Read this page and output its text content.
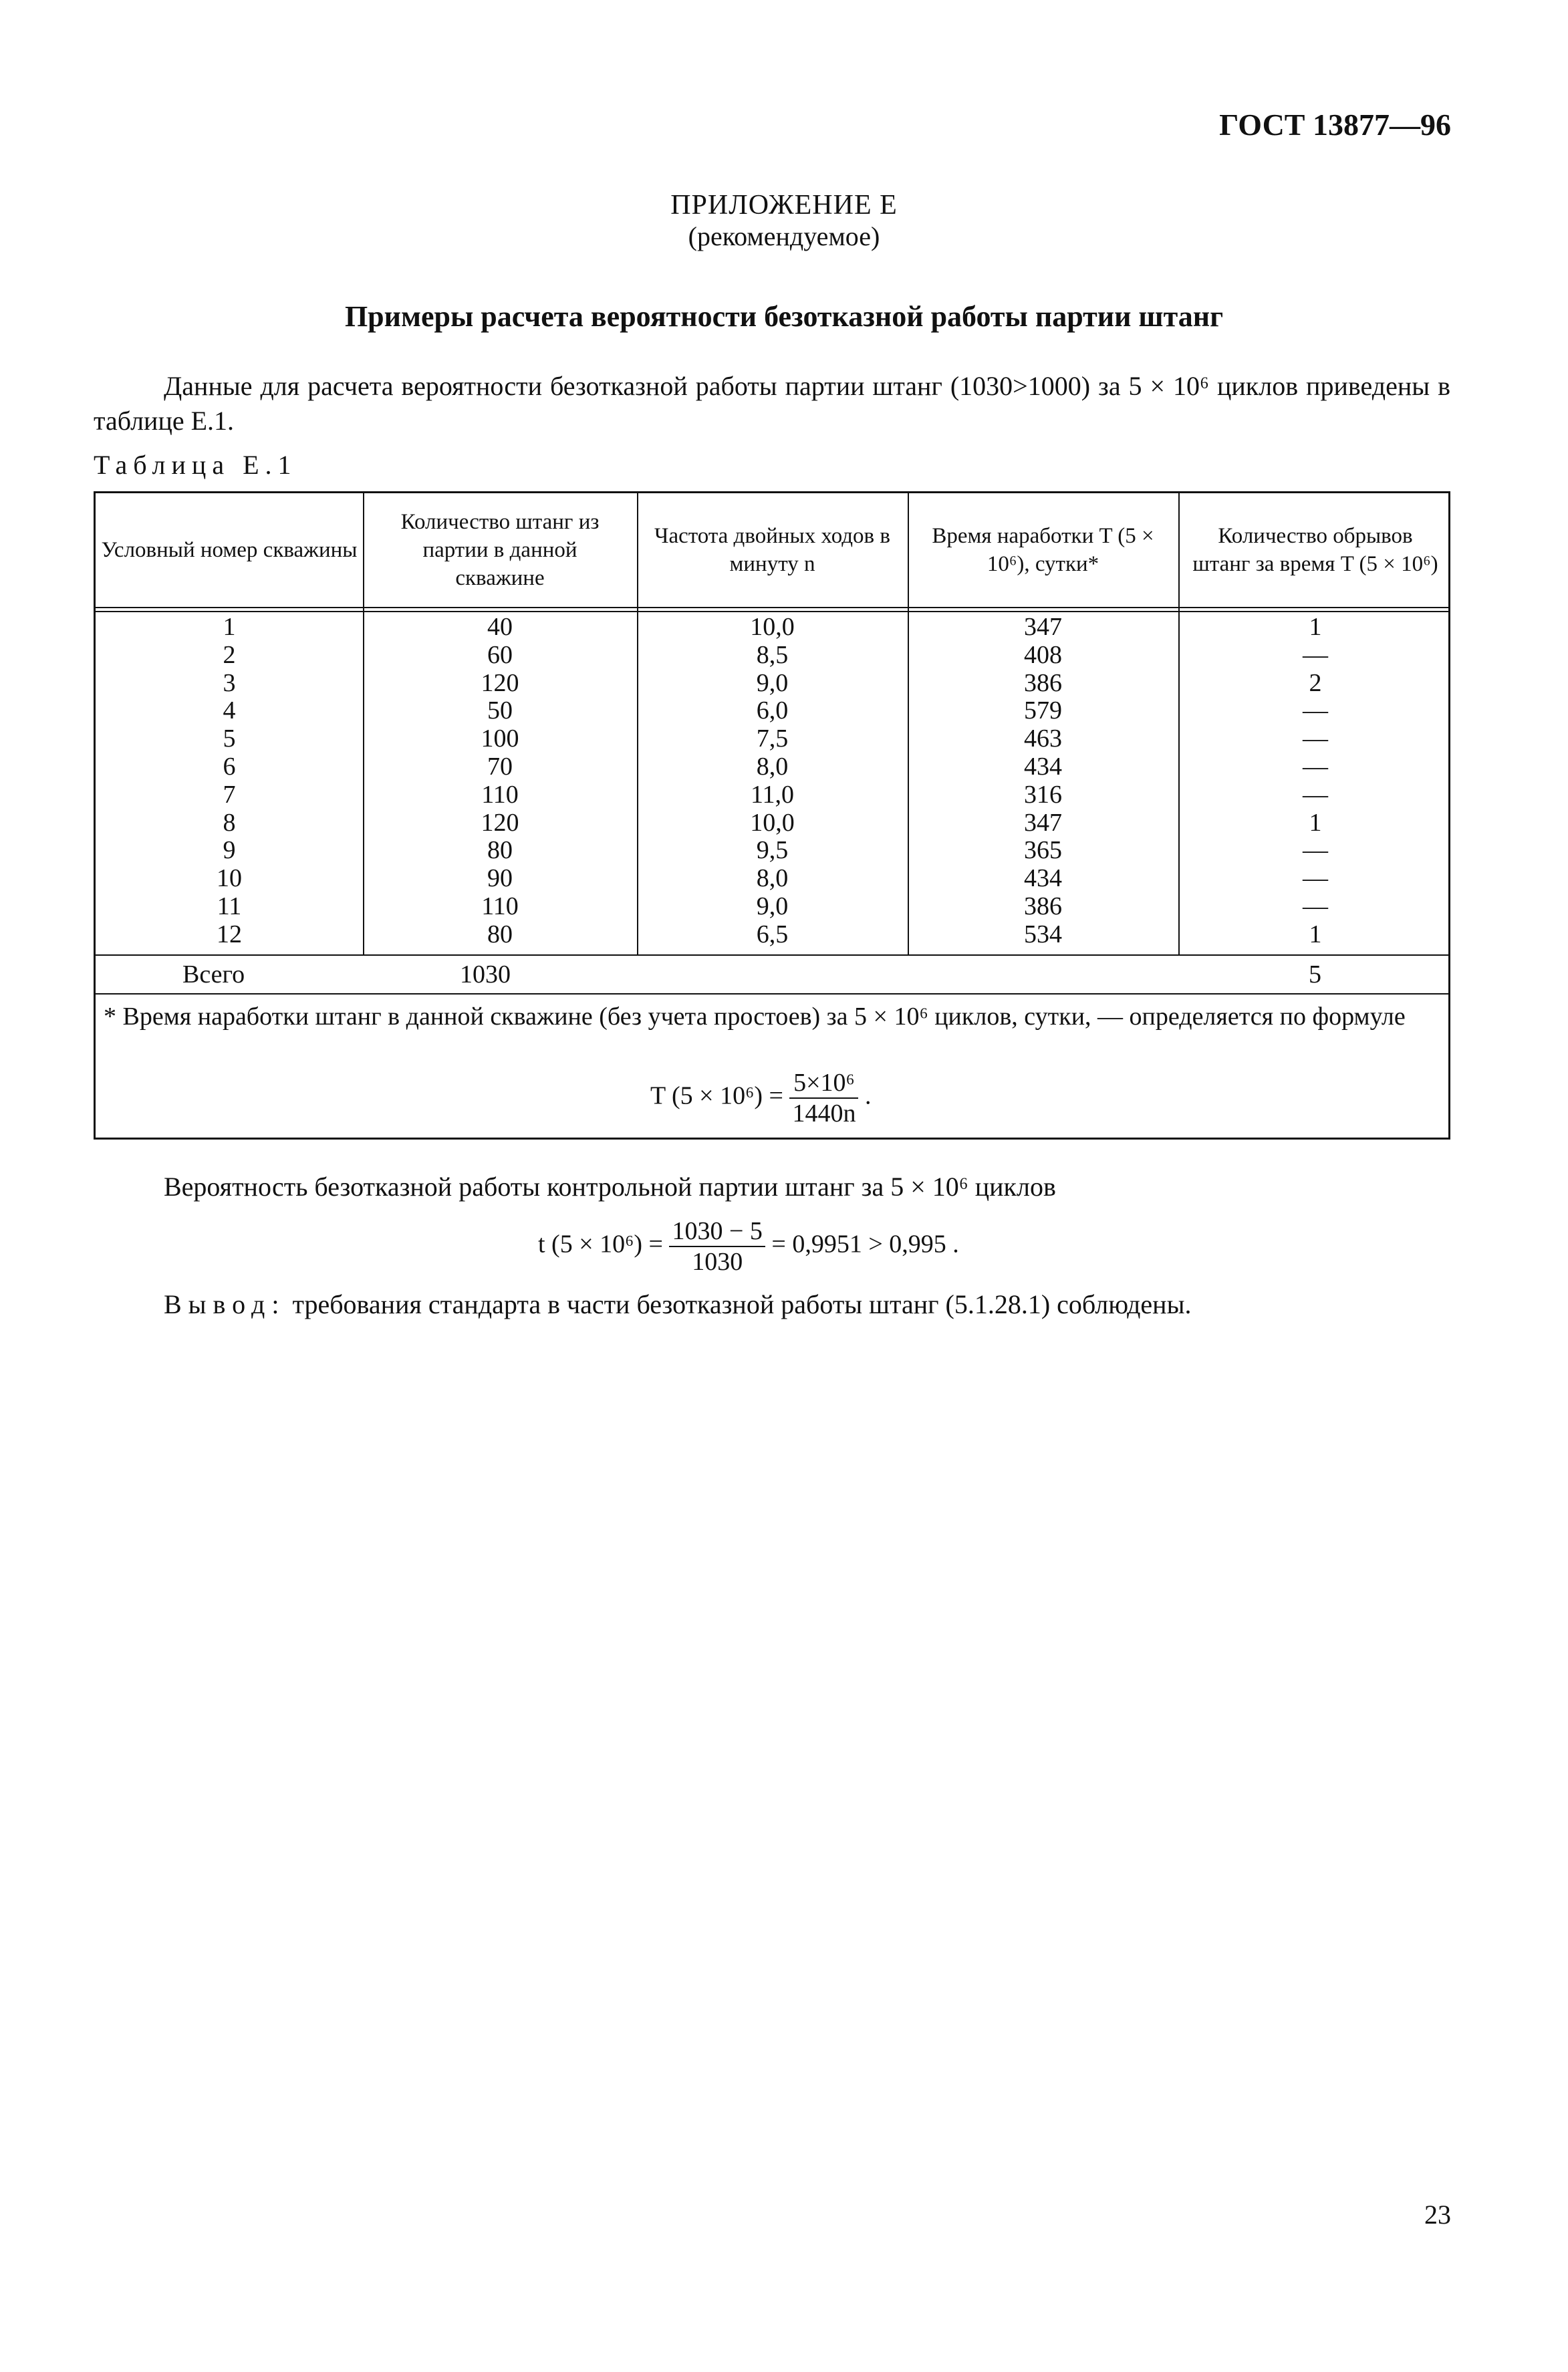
ГОСТ 13877—96
ПРИЛОЖЕНИЕ Е
(рекомендуемое)
Примеры расчета вероятности безотказной работы партии штанг
Данные для расчета вероятности безотказной работы партии штанг (1030>1000) за 5 × 10⁶ циклов приведены в таблице Е.1.
Таблица Е.1
Условный номер скважины
Количество штанг из партии в данной скважине
Частота двойных ходов в минуту n
Время наработки T (5 × 10⁶), сутки*
Количество обрывов штанг за время T (5 × 10⁶)
1
2
3
4
5
6
7
8
9
10
11
12
40
60
120
50
100
70
110
120
80
90
110
80
10,0
8,5
9,0
6,0
7,5
8,0
11,0
10,0
9,5
8,0
9,0
6,5
347
408
386
579
463
434
316
347
365
434
386
534
1
—
2
—
—
—
—
1
—
—
—
1
Всего	1030	5
* Время наработки штанг в данной скважине (без учета простоев) за 5 × 10⁶ циклов, сутки, — определяется по формуле
T $(5 \times 10^6) = \frac{\text{5×10⁶}}{1440n}$ .
Вероятность безотказной работы контрольной партии штанг за 5 × 10⁶ циклов
t $(5 \times 10^6) = \frac{1030 - 5}{1030} = 0,9951 > 0,995$ .
Вывод: требования стандарта в части безотказной работы штанг (5.1.28.1) соблюдены.
23
